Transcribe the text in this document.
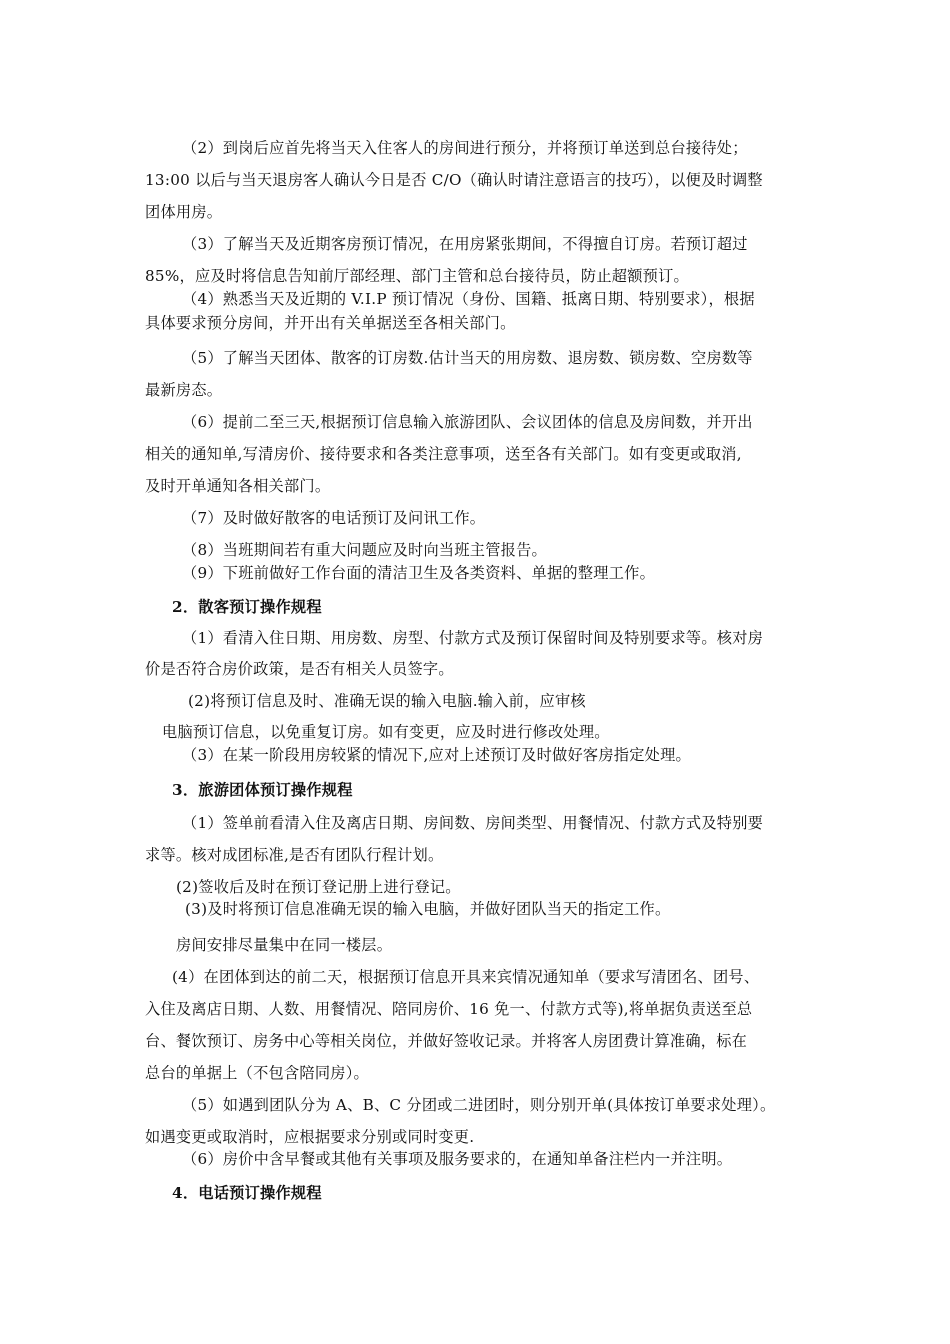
（2）到岗后应首先将当天入住客人的房间进行预分，并将预订单送到总台接待处；
13:00 以后与当天退房客人确认今日是否 C/O（确认时请注意语言的技巧），以便及时调整
团体用房。
（3）了解当天及近期客房预订情况，在用房紧张期间，不得擅自订房。若预订超过
85%，应及时将信息告知前厅部经理、部门主管和总台接待员，防止超额预订。
（4）熟悉当天及近期的 V.I.P 预订情况（身份、国籍、抵离日期、特别要求），根据
具体要求预分房间，并开出有关单据送至各相关部门。
（5）了解当天团体、散客的订房数.估计当天的用房数、退房数、锁房数、空房数等
最新房态。
（6）提前二至三天,根据预订信息输入旅游团队、会议团体的信息及房间数，并开出
相关的通知单,写清房价、接待要求和各类注意事项，送至各有关部门。如有变更或取消,
及时开单通知各相关部门。
（7）及时做好散客的电话预订及问讯工作。
（8）当班期间若有重大问题应及时向当班主管报告。
（9）下班前做好工作台面的清洁卫生及各类资料、单据的整理工作。
2．散客预订操作规程
（1）看清入住日期、用房数、房型、付款方式及预订保留时间及特别要求等。核对房
价是否符合房价政策，是否有相关人员签字。
(2)将预订信息及时、准确无误的输入电脑.输入前，应审核
电脑预订信息，以免重复订房。如有变更，应及时进行修改处理。
（3）在某一阶段用房较紧的情况下,应对上述预订及时做好客房指定处理。
3．旅游团体预订操作规程
（1）签单前看清入住及离店日期、房间数、房间类型、用餐情况、付款方式及特别要
求等。核对成团标准,是否有团队行程计划。
(2)签收后及时在预订登记册上进行登记。
(3)及时将预订信息准确无误的输入电脑，并做好团队当天的指定工作。
房间安排尽量集中在同一楼层。
(4）在团体到达的前二天，根据预订信息开具来宾情况通知单（要求写清团名、团号、
入住及离店日期、人数、用餐情况、陪同房价、16 免一、付款方式等),将单据负责送至总
台、餐饮预订、房务中心等相关岗位，并做好签收记录。并将客人房团费计算准确，标在
总台的单据上（不包含陪同房）。
（5）如遇到团队分为 A、B、C 分团或二进团时，则分别开单(具体按订单要求处理）。
如遇变更或取消时，应根据要求分别或同时变更.
（6）房价中含早餐或其他有关事项及服务要求的，在通知单备注栏内一并注明。
4．电话预订操作规程
